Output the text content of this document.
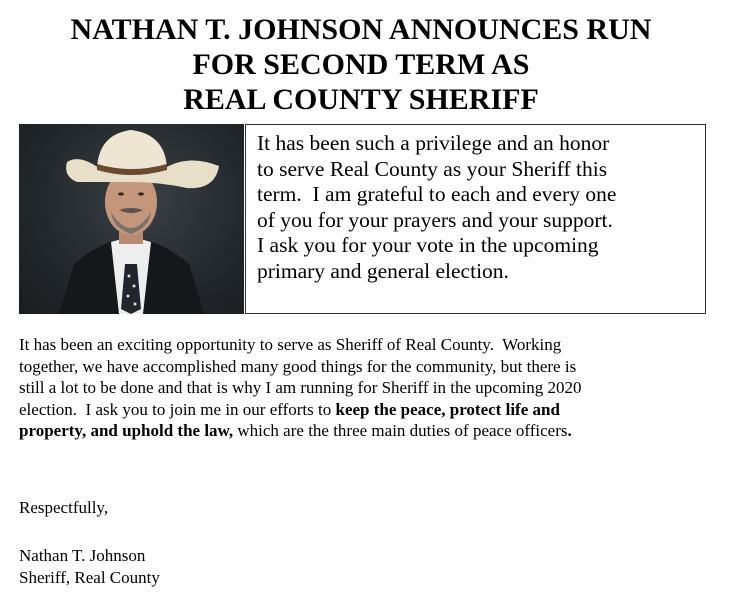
NATHAN T. JOHNSON ANNOUNCES RUN
FOR SECOND TERM AS
REAL COUNTY SHERIFF
It has been such a privilege and an honor
to serve Real County as your Sheriff this
term.  I am grateful to each and every one
of you for your prayers and your support.
I ask you for your vote in the upcoming
primary and general election.
It has been an exciting opportunity to serve as Sheriff of Real County.  Working
together, we have accomplished many good things for the community, but there is
still a lot to be done and that is why I am running for Sheriff in the upcoming 2020
election.  I ask you to join me in our efforts to keep the peace, protect life and
property, and uphold the law, which are the three main duties of peace officers.
Respectfully,
Nathan T. Johnson
Sheriff, Real County
